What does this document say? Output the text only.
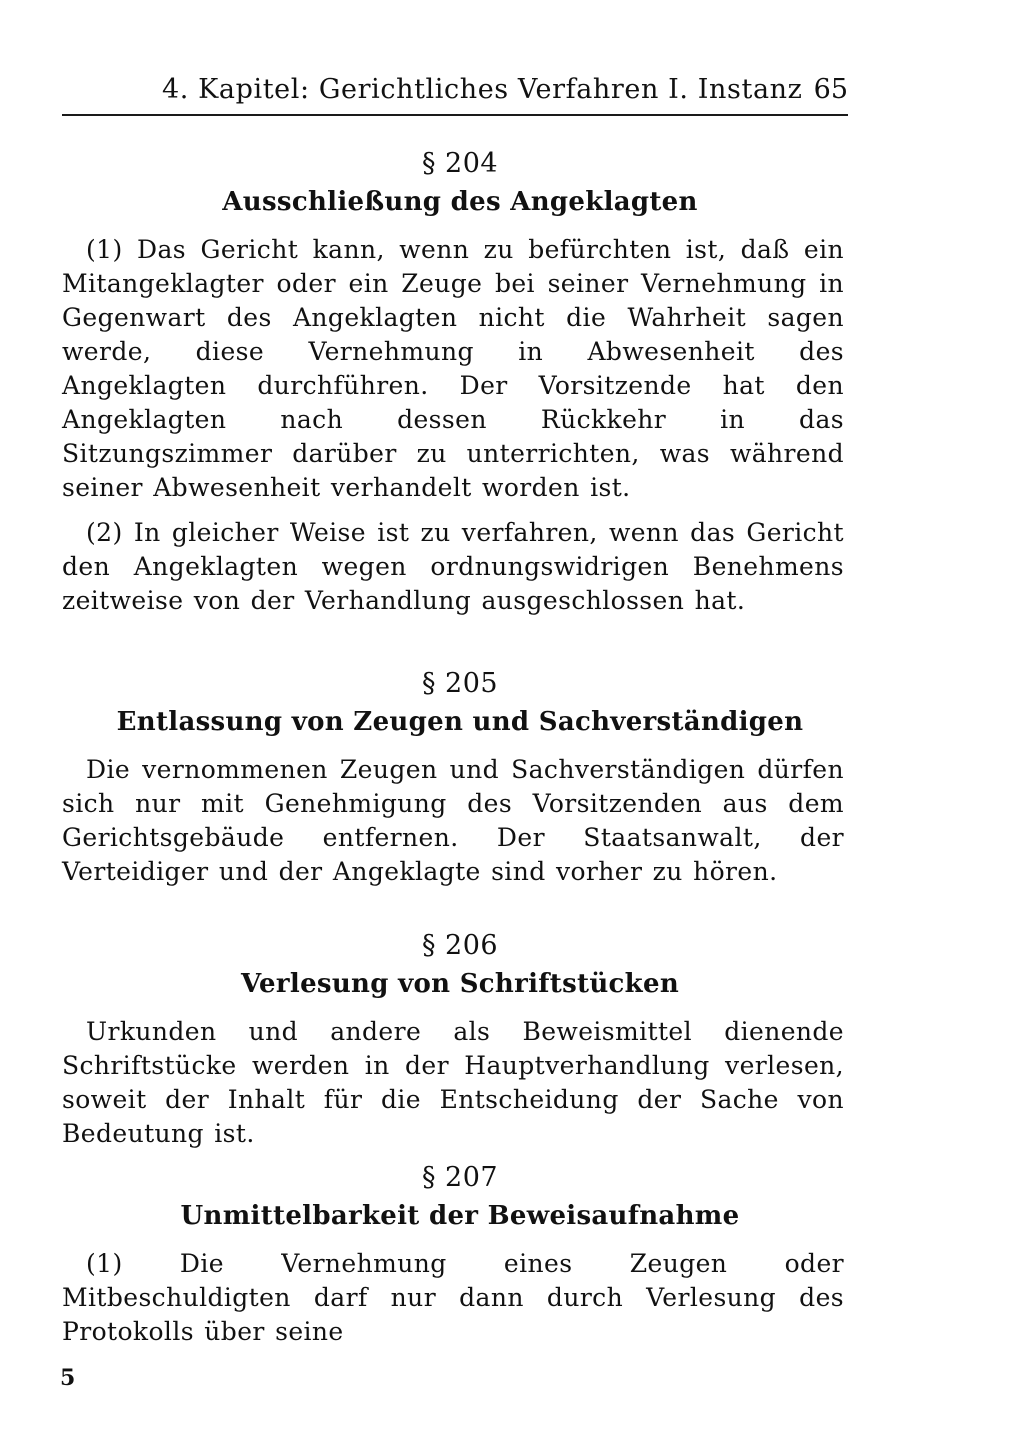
4. Kapitel: Gerichtliches Verfahren I. Instanz 65
§ 204
Ausschließung des Angeklagten

(1) Das Gericht kann, wenn zu befürchten ist, daß ein Mitangeklagter oder ein Zeuge bei seiner Vernehmung in Gegenwart des Angeklagten nicht die Wahrheit sagen werde, diese Vernehmung in Abwesenheit des Angeklagten durchführen. Der Vorsitzende hat den Angeklagten nach dessen Rückkehr in das Sitzungszimmer darüber zu unterrichten, was während seiner Abwesenheit verhandelt worden ist.

(2) In gleicher Weise ist zu verfahren, wenn das Gericht den Angeklagten wegen ordnungswidrigen Benehmens zeitweise von der Verhandlung ausgeschlossen hat.

§ 205
Entlassung von Zeugen und Sachverständigen

Die vernommenen Zeugen und Sachverständigen dürfen sich nur mit Genehmigung des Vorsitzenden aus dem Gerichtsgebäude entfernen. Der Staatsanwalt, der Verteidiger und der Angeklagte sind vorher zu hören.

§ 206
Verlesung von Schriftstücken

Urkunden und andere als Beweismittel dienende Schriftstücke werden in der Hauptverhandlung verlesen, soweit der Inhalt für die Entscheidung der Sache von Bedeutung ist.

§ 207
Unmittelbarkeit der Beweisaufnahme

(1) Die Vernehmung eines Zeugen oder Mitbeschuldigten darf nur dann durch Verlesung des Protokolls über seine

5
